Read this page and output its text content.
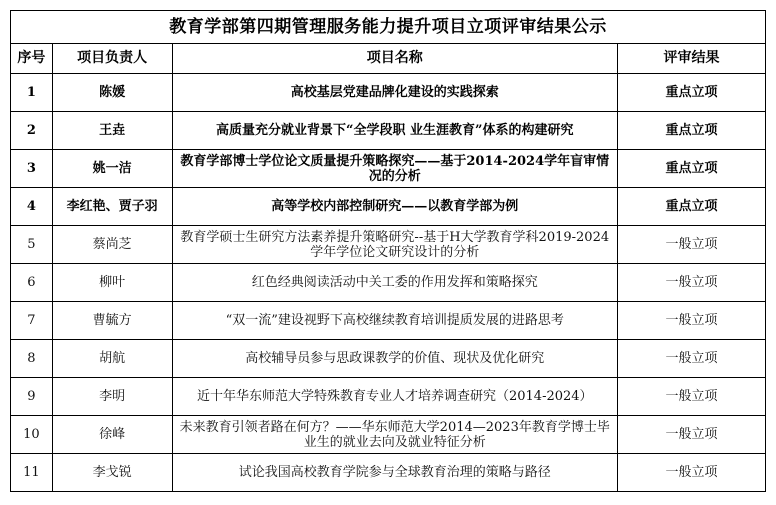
教育学部第四期管理服务能力提升项目立项评审结果公示			
序号	项目负责人	项目名称	评审结果
1	陈媛	高校基层党建品牌化建设的实践探索	重点立项
2	王垚	高质量充分就业背景下“全学段职 业生涯教育”体系的构建研究	重点立项
3	姚一洁	教育学部博士学位论文质量提升策略探究——基于2014-2024学年盲审情况的分析	重点立项
4	李红艳、贾子羽	高等学校内部控制研究——以教育学部为例	重点立项
5	蔡尚芝	教育学硕士生研究方法素养提升策略研究--基于H大学教育学科2019-2024学年学位论文研究设计的分析	一般立项
6	柳叶	红色经典阅读活动中关工委的作用发挥和策略探究	一般立项
7	曹毓方	“双一流”建设视野下高校继续教育培训提质发展的进路思考	一般立项
8	胡航	高校辅导员参与思政课教学的价值、现状及优化研究	一般立项
9	李明	近十年华东师范大学特殊教育专业人才培养调查研究（2014-2024）	一般立项
10	徐峰	未来教育引领者路在何方？——华东师范大学2014—2023年教育学博士毕业生的就业去向及就业特征分析	一般立项
11	李戈锐	试论我国高校教育学院参与全球教育治理的策略与路径	一般立项
